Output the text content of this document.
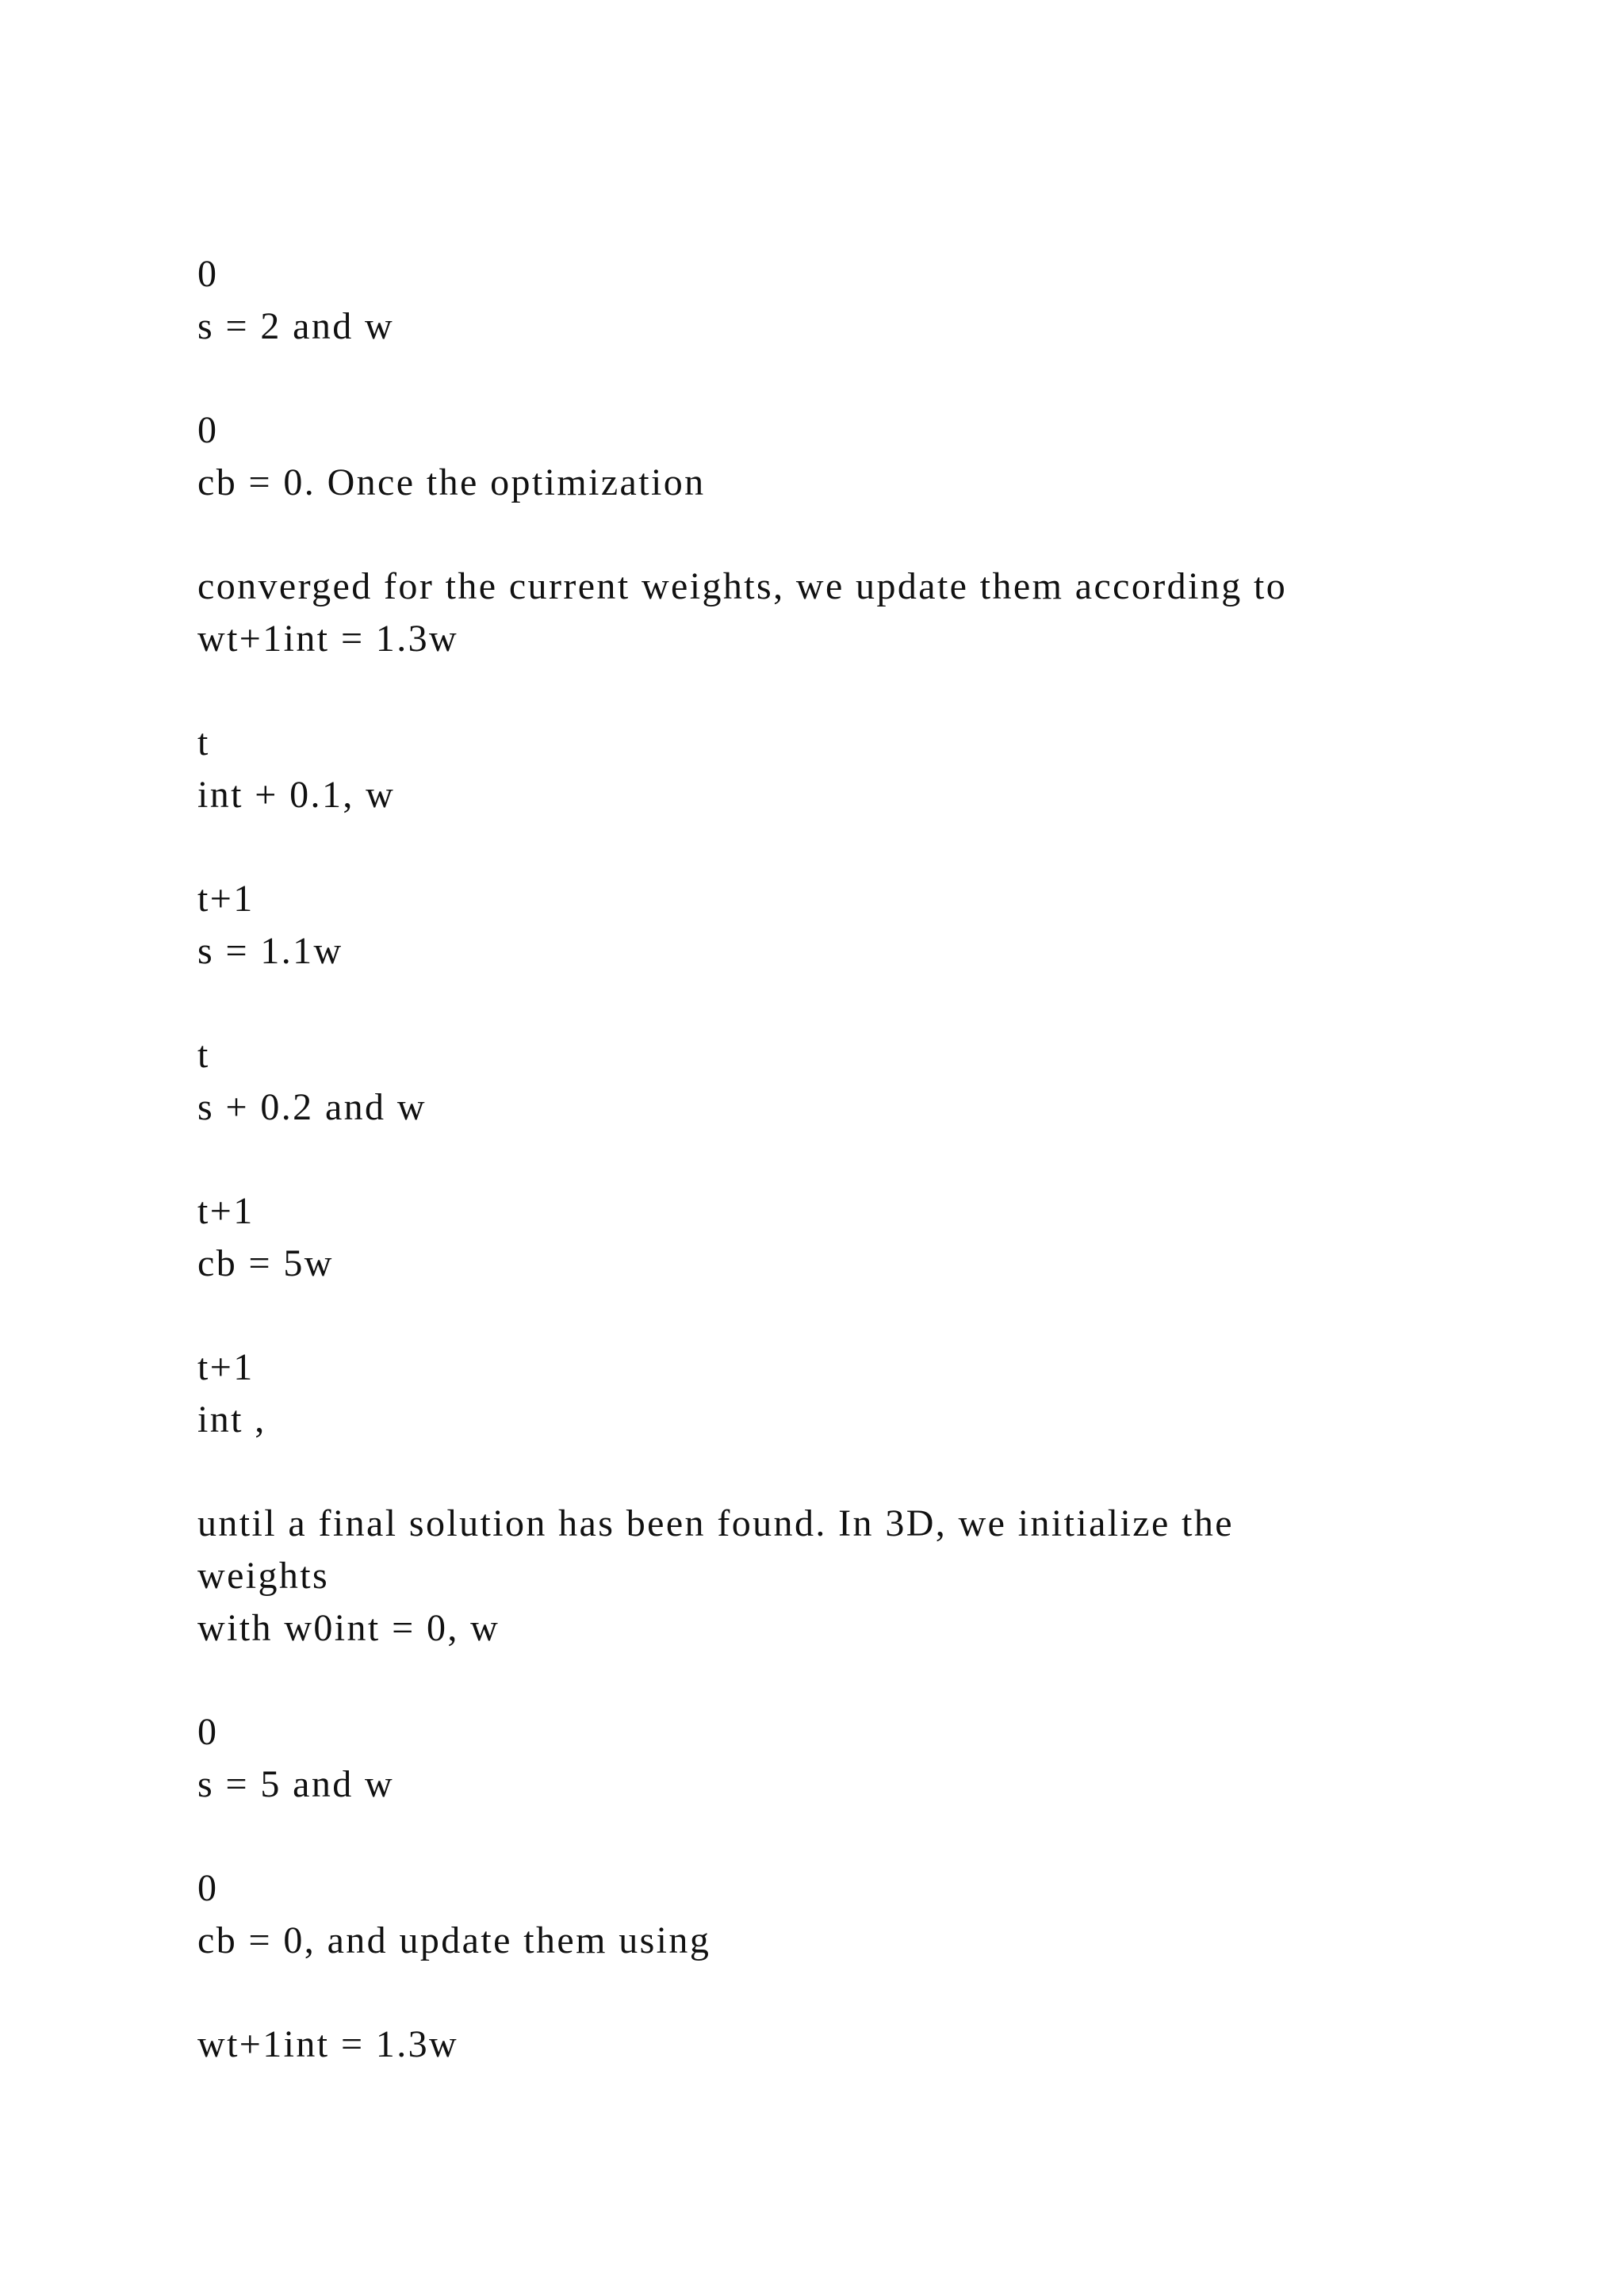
0

s = 2 and w

0

cb = 0. Once the optimization

converged for the current weights, we update them according to

wt+1int = 1.3w

t

int + 0.1, w

t+1

s = 1.1w

t

s + 0.2 and w

t+1

cb = 5w

t+1

int ,

until a final solution has been found. In 3D, we initialize the

weights

with w0int = 0, w

0

s = 5 and w

0

cb = 0, and update them using

wt+1int = 1.3w
